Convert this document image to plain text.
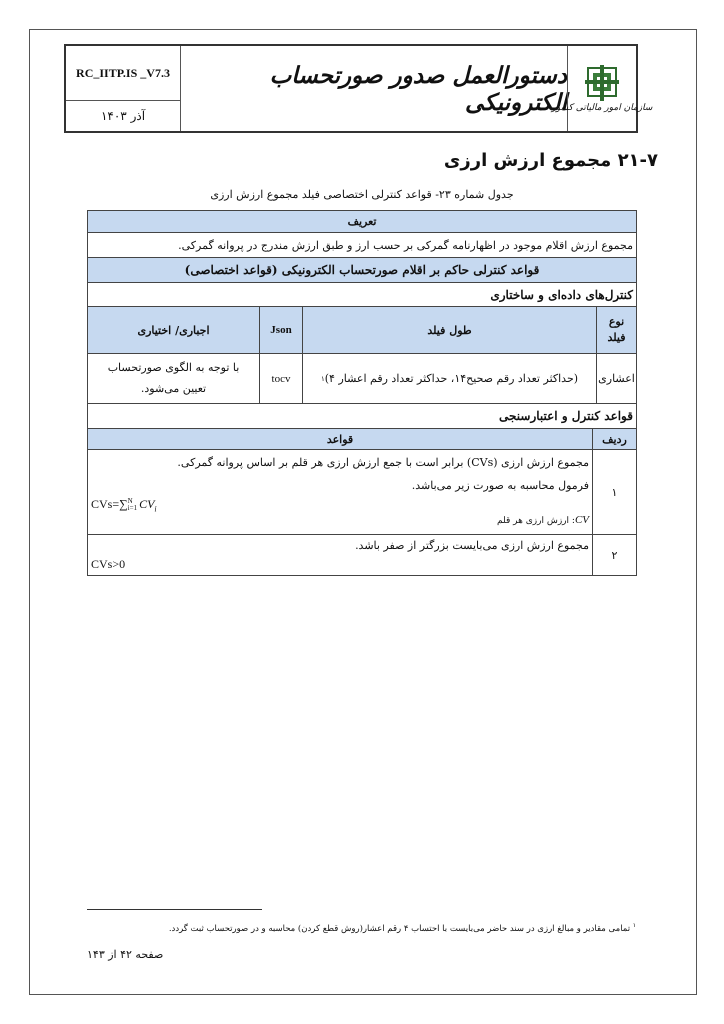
RC_IITP.IS _V7.3
آذر ۱۴۰۳
دستورالعمل صدور صورتحساب الکترونیکی
سازمان امور مالیاتی کشور
۲۱-۷ مجموع ارزش ارزی
جدول شماره ۲۳- قواعد کنترلی اختصاصی فیلد مجموع ارزش ارزی
تعریف
مجموع ارزش اقلام موجود در اظهارنامه گمرکی بر حسب ارز و طبق ارزش مندرج در پروانه گمرکی.
قواعد کنترلی حاکم بر اقلام صورتحساب الکترونیکی (قواعد اختصاصی)
کنترل‌های داده‌ای و ساختاری
نوع فیلد
طول فیلد
Json
اجباری/ اختیاری
اعشاری
(حداکثر تعداد رقم صحیح۱۴، حداکثر تعداد رقم اعشار ۴)
۱
tocv
با توجه به الگوی صورتحساب
تعیین می‌شود.
قواعد کنترل و اعتبارسنجی
ردیف
قواعد
۱
مجموع ارزش ارزی (CVs) برابر است با جمع ارزش ارزی هر قلم بر اساس پروانه گمرکی.
فرمول محاسبه به صورت زیر می‌باشد.
CVs=∑ N
i=1 $CV_i$
CV: ارزش ارزی هر قلم
۲
مجموع ارزش ارزی می‌بایست بزرگتر از صفر باشد.
CVs>0
$^۱$ تمامی مقادیر و مبالغ ارزی در سند حاضر می‌بایست با احتساب ۴ رقم اعشار(روش قطع کردن) محاسبه و در صورتحساب ثبت گردد.
صفحه ۴۲ از ۱۴۳
